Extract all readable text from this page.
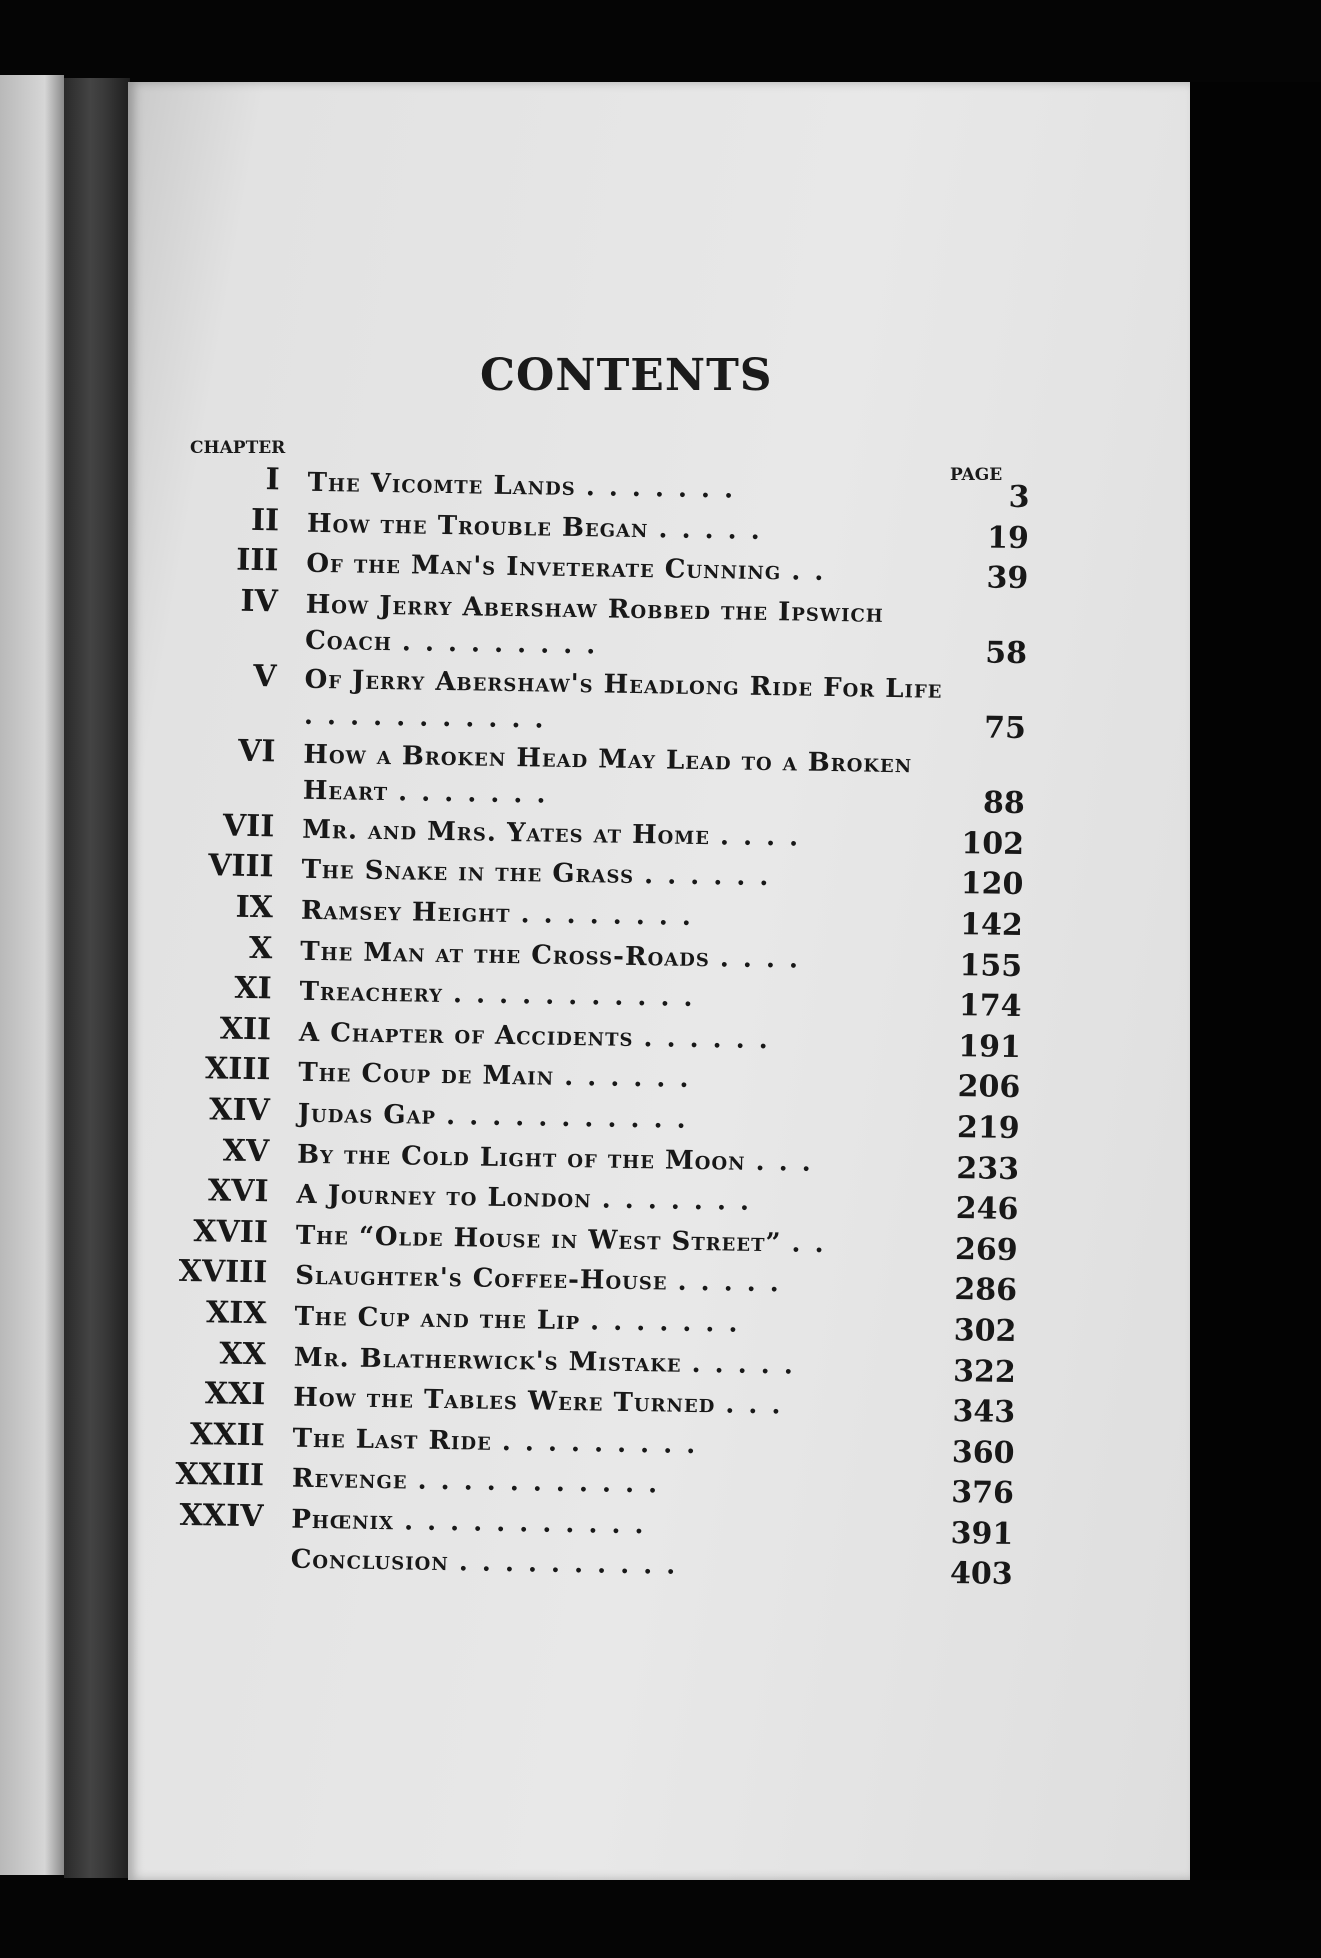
CONTENTS
CHAPTER
PAGE
I The Vicomte Lands .......	3
II How the Trouble Began .....	19
III Of the Man's Inveterate Cunning ..	39
IV How Jerry Abershaw Robbed the Ipswich Coach .........	58
V Of Jerry Abershaw's Headlong Ride For Life ...........	75
VI How a Broken Head May Lead to a Broken Heart .......	88
VII Mr. and Mrs. Yates at Home ....	102
VIII The Snake in the Grass ......	120
IX Ramsey Height ........	142
X The Man at the Cross-Roads ....	155
XI Treachery ...........	174
XII A Chapter of Accidents ......	191
XIII The Coup de Main ......	206
XIV Judas Gap ...........	219
XV By the Cold Light of the Moon ...	233
XVI A Journey to London .......	246
XVII The “Olde House in West Street” ..	269
XVIII Slaughter's Coffee-House .....	286
XIX The Cup and the Lip .......	302
XX Mr. Blatherwick's Mistake .....	322
XXI How the Tables Were Turned ...	343
XXII The Last Ride .........	360
XXIII Revenge ...........	376
XXIV Phœnix ...........	391
Conclusion ..........	403
